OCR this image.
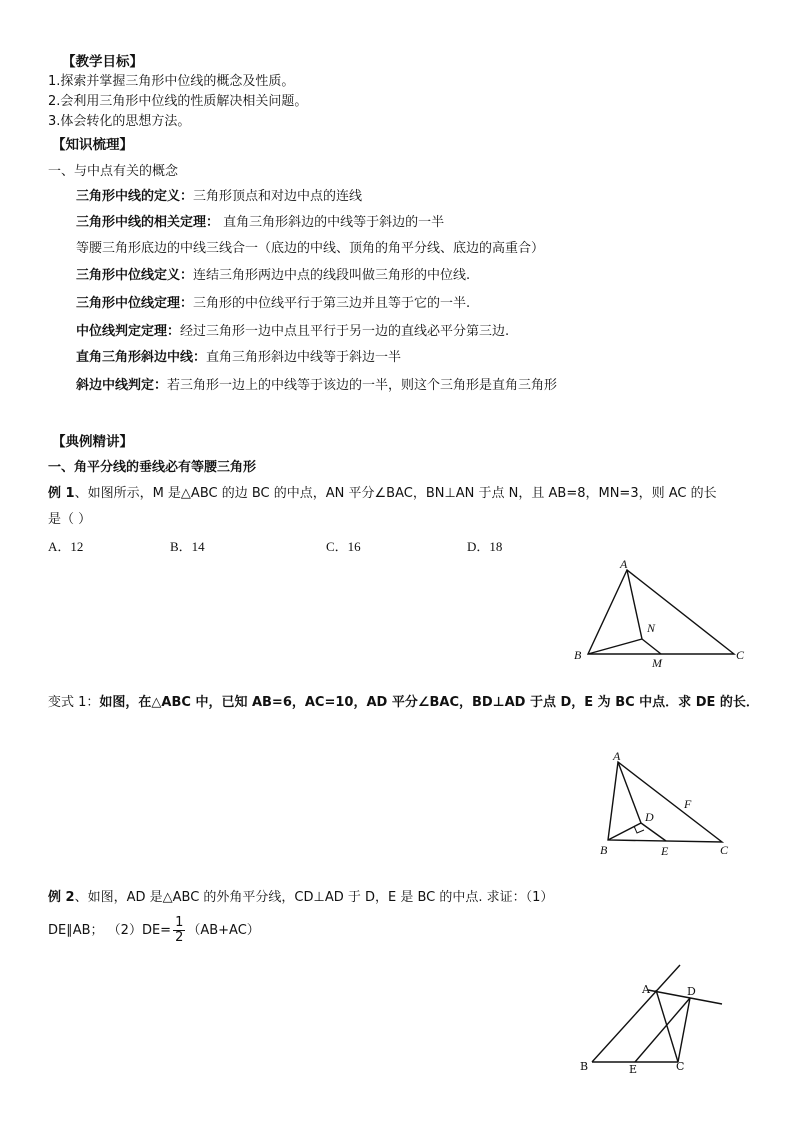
【教学目标】
1.探索并掌握三角形中位线的概念及性质。
2.会利用三角形中位线的性质解决相关问题。
3.体会转化的思想方法。
【知识梳理】
一、与中点有关的概念
三角形中线的定义：三角形顶点和对边中点的连线
三角形中线的相关定理： 直角三角形斜边的中线等于斜边的一半
等腰三角形底边的中线三线合一（底边的中线、顶角的角平分线、底边的高重合）
三角形中位线定义：连结三角形两边中点的线段叫做三角形的中位线.
三角形中位线定理：三角形的中位线平行于第三边并且等于它的一半.
中位线判定定理：经过三角形一边中点且平行于另一边的直线必平分第三边.
直角三角形斜边中线：直角三角形斜边中线等于斜边一半
斜边中线判定：若三角形一边上的中线等于该边的一半，则这个三角形是直角三角形
【典例精讲】
一、角平分线的垂线必有等腰三角形
例 1、如图所示，M 是△ABC 的边 BC 的中点，AN 平分∠BAC，BN⊥AN 于点 N，且 AB=8，MN=3，则 AC 的长
是（ ）
A．12	B．14	C．16	D．18
A
B	C
N
M
变式 1：如图，在△ABC 中，已知 AB=6，AC=10，AD 平分∠BAC，BD⊥AD 于点 D，E 为 BC 中点．求 DE 的长．
A
B	C
D
E
F
例 2、如图，AD 是△ABC 的外角平分线，CD⊥AD 于 D，E 是 BC 的中点. 求证：（1）
DE∥AB； $(2)DE= \frac{1}{2} (AB+AC)$
A	D
B	E	C
